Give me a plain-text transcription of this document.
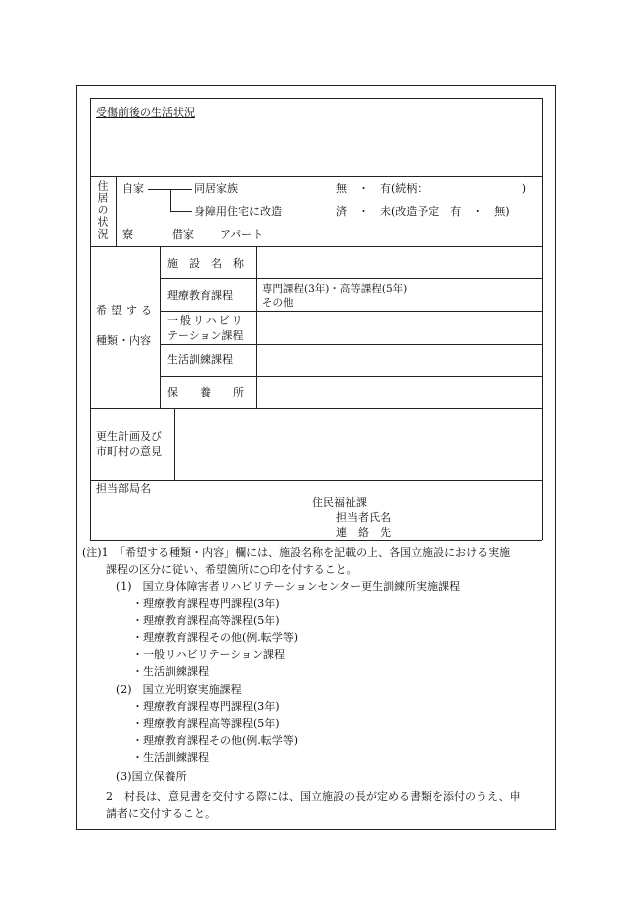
受傷前後の生活状況
住居の状況 自家	同居家族	無　・　有(続柄：　　　　　　　　　)
身障用住宅に改造	済　・　未(改造予定　有　・　無)
寮	借家 アパート
希望する
種類・内容
施　設　名　称
理療教育課程	専門課程(3年)・高等課程(5年)
その他
一般リハビリ
テーション課程
生活訓練課程
保　　養　　所
更生計画及び
市町村の意見
担当部局名
住民福祉課
担当者氏名
連　絡　先
(注)1　「希望する種類・内容」欄には、施設名称を記載の上、各国立施設における実施
課程の区分に従い、希望箇所に○印を付すること。
(1)　国立身体障害者リハビリテーションセンター更生訓練所実施課程
・理療教育課程専門課程(3年)
・理療教育課程高等課程(5年)
・理療教育課程その他(例.転学等)
・一般リハビリテーション課程
・生活訓練課程
(2)　国立光明寮実施課程
・理療教育課程専門課程(3年)
・理療教育課程高等課程(5年)
・理療教育課程その他(例.転学等)
・生活訓練課程
(3)国立保養所
2　村長は、意見書を交付する際には、国立施設の長が定める書類を添付のうえ、申
請者に交付すること。
